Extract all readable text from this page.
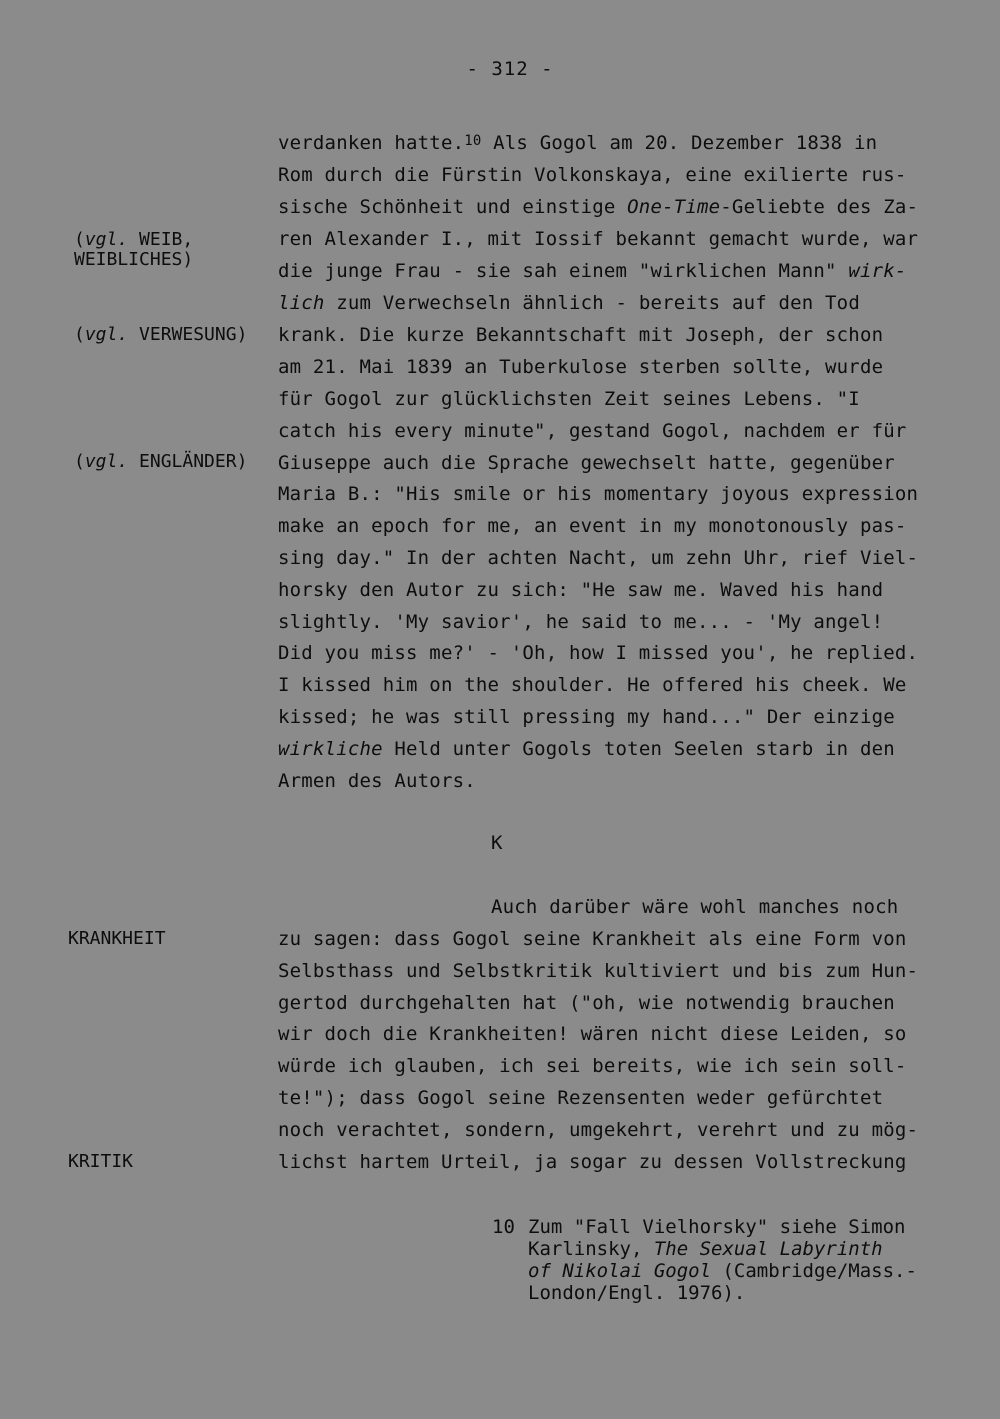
- 312 -
verdanken hatte.$^{10}$ Als Gogol am 20. Dezember 1838 in
Rom durch die Fürstin Volkonskaya, eine exilierte rus-
sische Schönheit und einstige One-Time-Geliebte des Za-
ren Alexander I., mit Iossif bekannt gemacht wurde, war
die junge Frau - sie sah einem "wirklichen Mann" wirk-
lich zum Verwechseln ähnlich - bereits auf den Tod
krank. Die kurze Bekanntschaft mit Joseph, der schon
am 21. Mai 1839 an Tuberkulose sterben sollte, wurde
für Gogol zur glücklichsten Zeit seines Lebens. "I
catch his every minute", gestand Gogol, nachdem er für
Giuseppe auch die Sprache gewechselt hatte, gegenüber
Maria B.: "His smile or his momentary joyous expression
make an epoch for me, an event in my monotonously pas-
sing day." In der achten Nacht, um zehn Uhr, rief Viel-
horsky den Autor zu sich: "He saw me. Waved his hand
slightly. 'My savior', he said to me... - 'My angel!
Did you miss me?' - 'Oh, how I missed you', he replied.
I kissed him on the shoulder. He offered his cheek. We
kissed; he was still pressing my hand..." Der einzige
wirkliche Held unter Gogols toten Seelen starb in den
Armen des Autors.
(vgl. WEIB,
WEIBLICHES)
(vgl. VERWESUNG)
(vgl. ENGLÄNDER)
K
Auch darüber wäre wohl manches noch
zu sagen: dass Gogol seine Krankheit als eine Form von
Selbsthass und Selbstkritik kultiviert und bis zum Hun-
gertod durchgehalten hat ("oh, wie notwendig brauchen
wir doch die Krankheiten! wären nicht diese Leiden, so
würde ich glauben, ich sei bereits, wie ich sein soll-
te!"); dass Gogol seine Rezensenten weder gefürchtet
noch verachtet, sondern, umgekehrt, verehrt und zu mög-
lichst hartem Urteil, ja sogar zu dessen Vollstreckung
KRANKHEIT
KRITIK
10 Zum "Fall Vielhorsky" siehe Simon
Karlinsky, The Sexual Labyrinth
of Nikolai Gogol (Cambridge/Mass.-
London/Engl. 1976).
